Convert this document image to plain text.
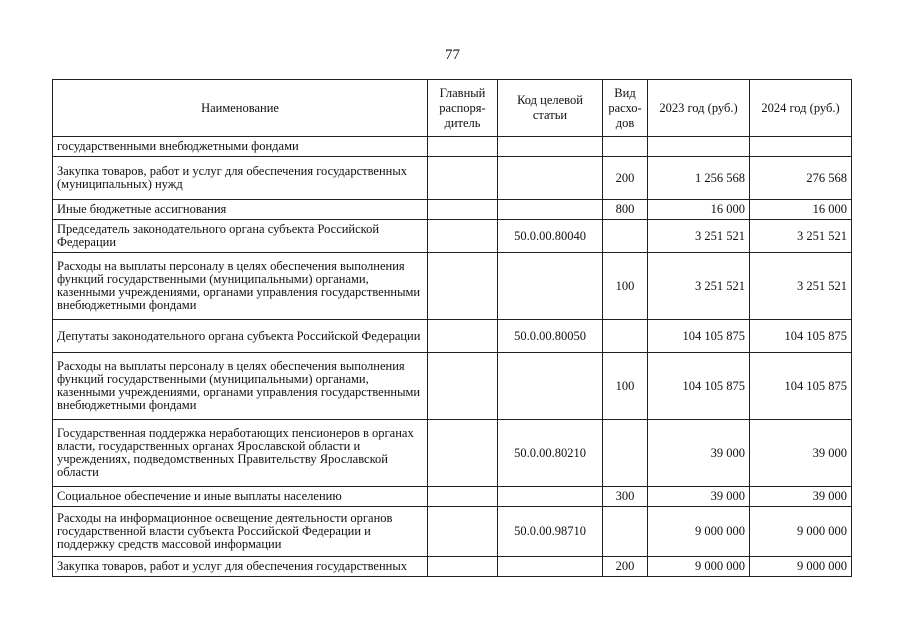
77
Наименование	Главный распоря-дитель	Код целевой статьи	Вид расхо-дов	2023 год (руб.)	2024 год (руб.)
государственными внебюджетными фондами					
Закупка товаров, работ и услуг для обеспечения государственных (муниципальных) нужд			200	1 256 568	276 568
Иные бюджетные ассигнования			800	16 000	16 000
Председатель законодательного органа субъекта Российской Федерации		50.0.00.80040		3 251 521	3 251 521
Расходы на выплаты персоналу в целях обеспечения выполнения функций государственными (муниципальными) органами, казенными учреждениями, органами управления государственными внебюджетными фондами			100	3 251 521	3 251 521
Депутаты законодательного органа субъекта Российской Федерации		50.0.00.80050		104 105 875	104 105 875
Расходы на выплаты персоналу в целях обеспечения выполнения функций государственными (муниципальными) органами, казенными учреждениями, органами управления государственными внебюджетными фондами			100	104 105 875	104 105 875
Государственная поддержка неработающих пенсионеров в органах власти, государственных органах Ярославской области и учреждениях, подведомственных Правительству Ярославской области		50.0.00.80210		39 000	39 000
Социальное обеспечение и иные выплаты населению			300	39 000	39 000
Расходы на информационное освещение деятельности органов государственной власти субъекта Российской Федерации и поддержку средств массовой информации		50.0.00.98710		9 000 000	9 000 000
Закупка товаров, работ и услуг для обеспечения государственных			200	9 000 000	9 000 000
